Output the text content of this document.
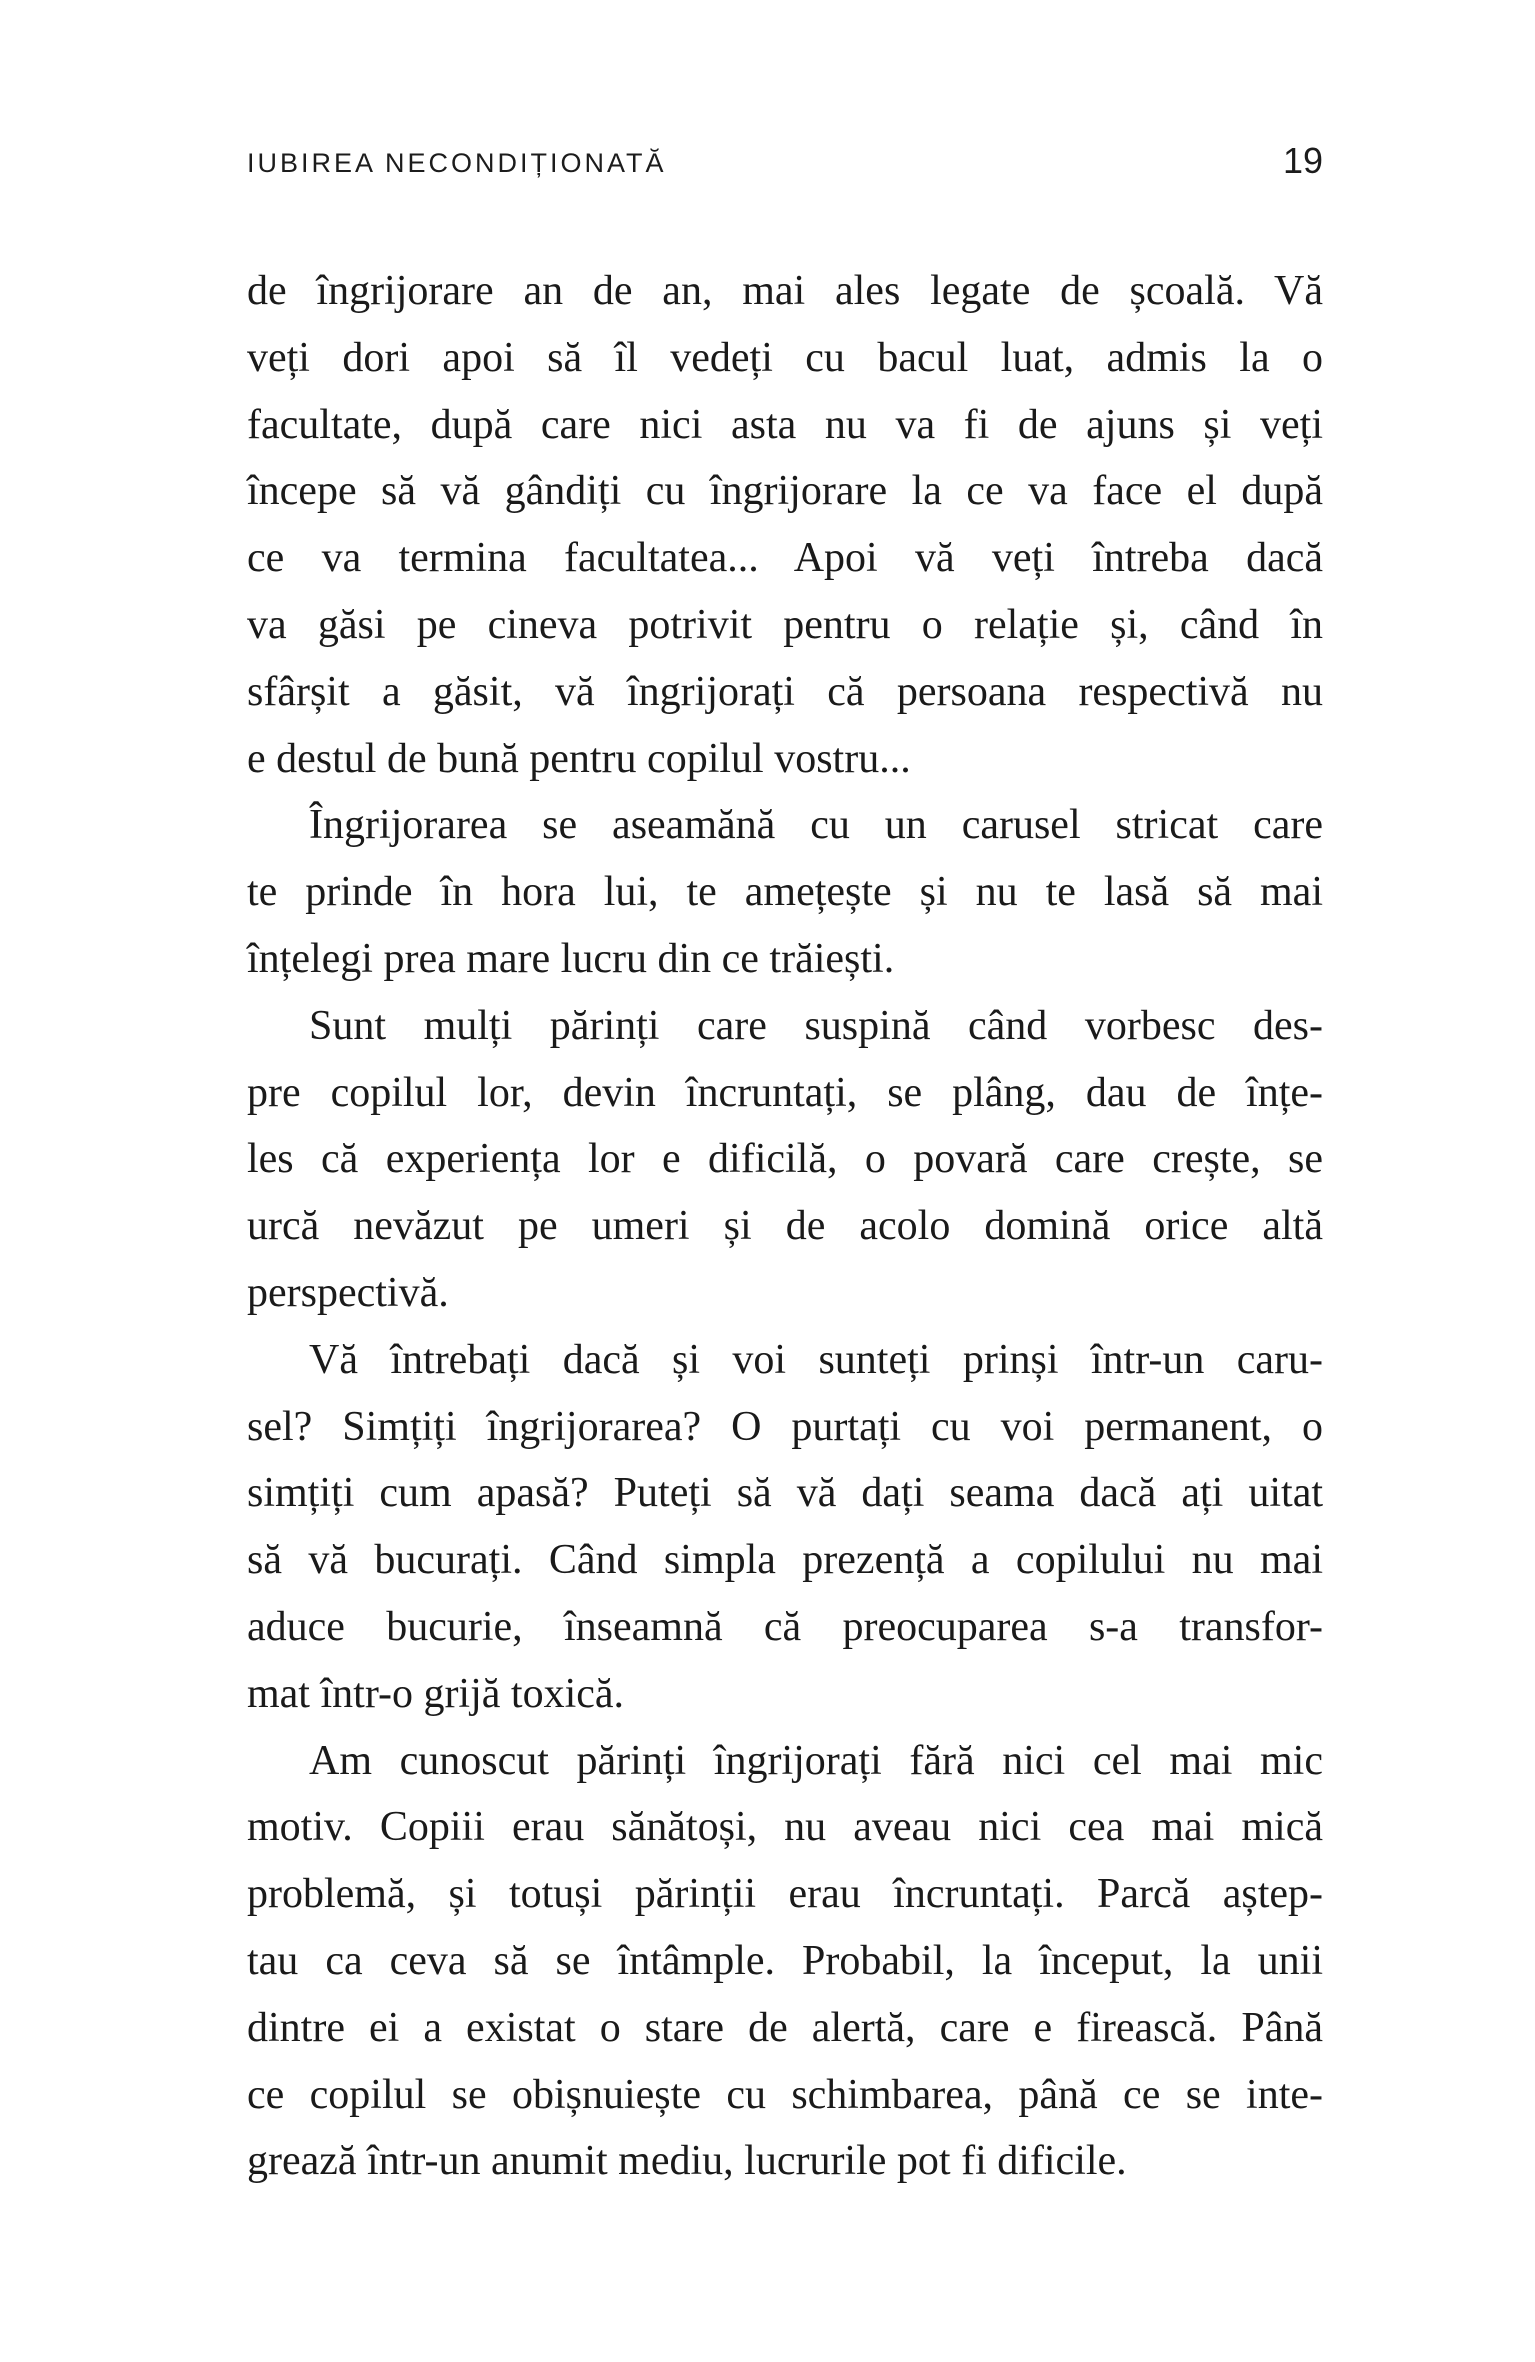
IUBIREA NECONDIȚIONATĂ	19
de îngrijorare an de an, mai ales legate de școală. Vă
veți dori apoi să îl vedeți cu bacul luat, admis la o
facultate, după care nici asta nu va fi de ajuns și veți
începe să vă gândiți cu îngrijorare la ce va face el după
ce va termina facultatea... Apoi vă veți întreba dacă
va găsi pe cineva potrivit pentru o relație și, când în
sfârșit a găsit, vă îngrijorați că persoana respectivă nu
e destul de bună pentru copilul vostru...
Îngrijorarea se aseamănă cu un carusel stricat care
te prinde în hora lui, te amețește și nu te lasă să mai
înțelegi prea mare lucru din ce trăiești.
Sunt mulți părinți care suspină când vorbesc des-
pre copilul lor, devin încruntați, se plâng, dau de înțe-
les că experiența lor e dificilă, o povară care crește, se
urcă nevăzut pe umeri și de acolo domină orice altă
perspectivă.
Vă întrebați dacă și voi sunteți prinși într-un caru-
sel? Simțiți îngrijorarea? O purtați cu voi permanent, o
simțiți cum apasă? Puteți să vă dați seama dacă ați uitat
să vă bucurați. Când simpla prezență a copilului nu mai
aduce bucurie, înseamnă că preocuparea s-a transfor-
mat într-o grijă toxică.
Am cunoscut părinți îngrijorați fără nici cel mai mic
motiv. Copiii erau sănătoși, nu aveau nici cea mai mică
problemă, și totuși părinții erau încruntați. Parcă aștep-
tau ca ceva să se întâmple. Probabil, la început, la unii
dintre ei a existat o stare de alertă, care e firească. Până
ce copilul se obișnuiește cu schimbarea, până ce se inte-
grează într-un anumit mediu, lucrurile pot fi dificile.
